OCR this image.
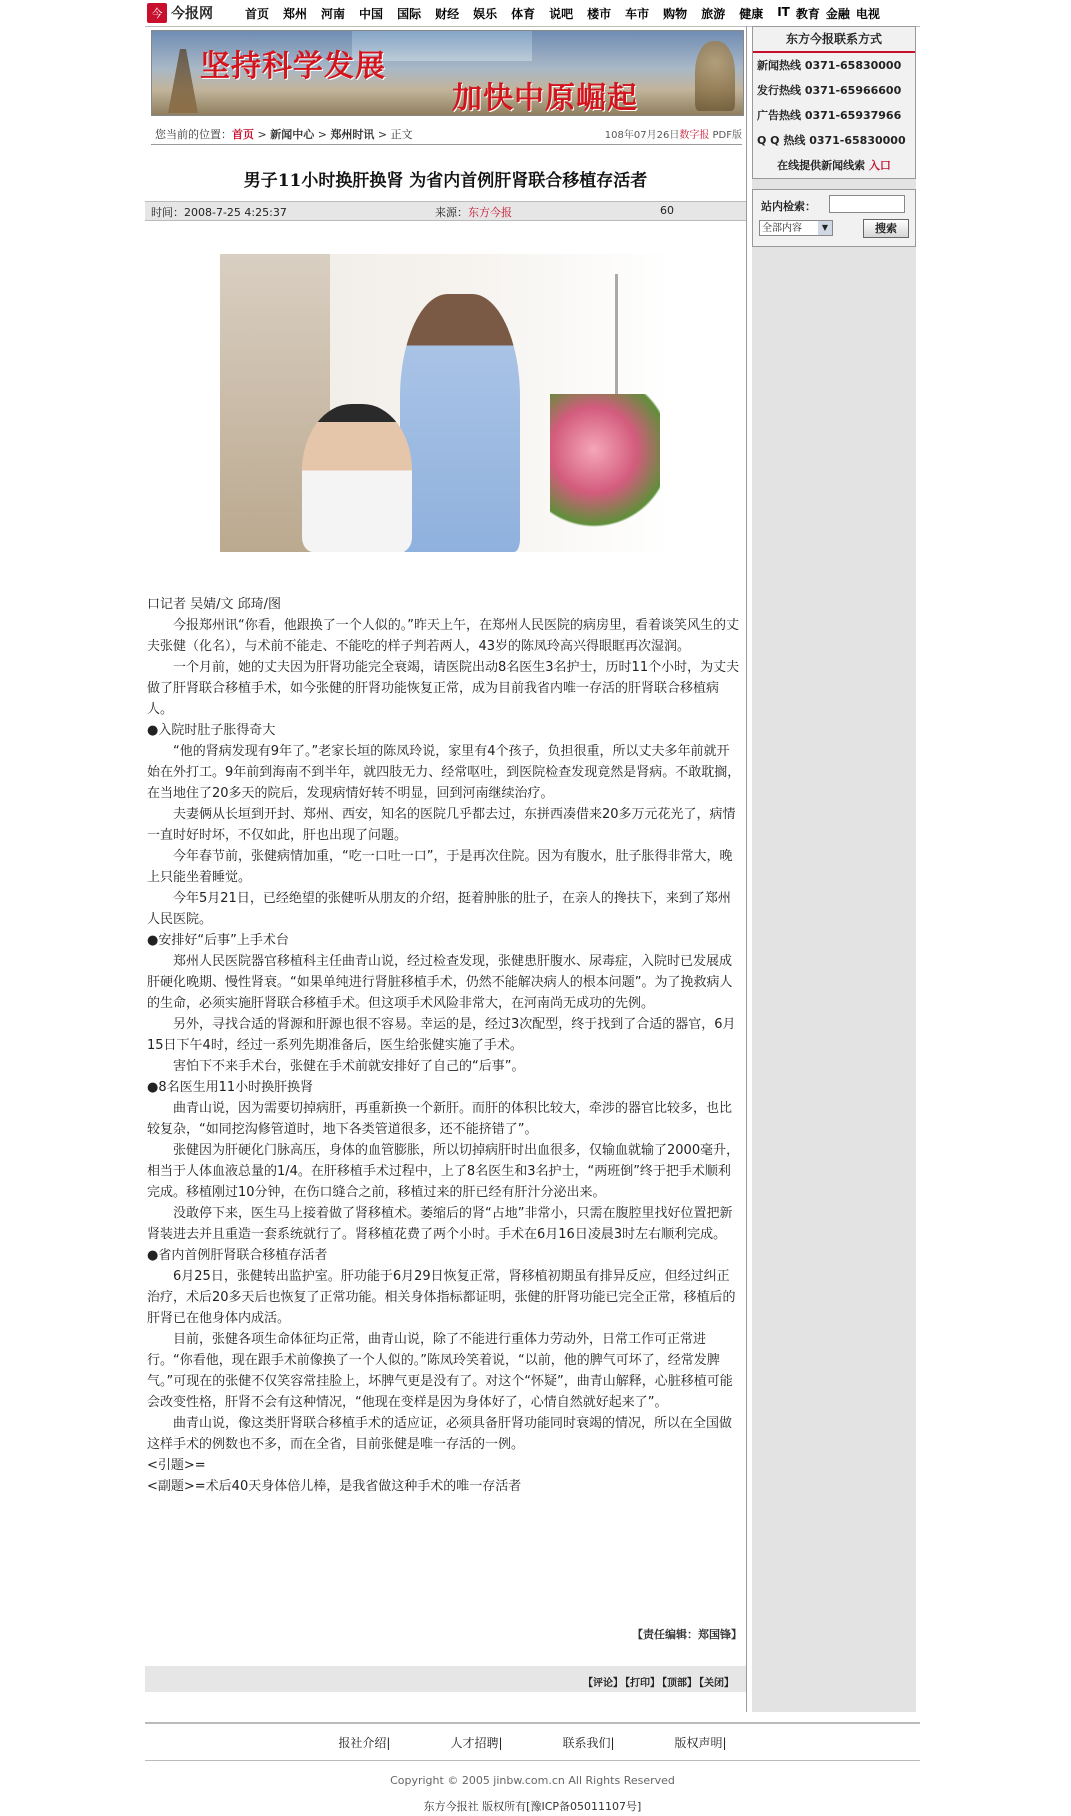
今 今报网	首页 郑州 河南 中国 国际 财经 娱乐 体育 说吧 楼市 车市 购物 旅游 健康 IT 教育 金融 电视
坚持科学发展
加快中原崛起
您当前的位置：首页 > 新闻中心 > 郑州时讯 > 正文	108年07月26日数字报 PDF版
男子11小时换肝换肾 为省内首例肝肾联合移植存活者
时间：2008-7-25 4:25:37	来源：东方今报	60

口记者 吴婧/文 邱琦/图

今报郑州讯“你看，他跟换了一个人似的。”昨天上午，在郑州人民医院的病房里，看着谈笑风生的丈夫张健（化名），与术前不能走、不能吃的样子判若两人，43岁的陈凤玲高兴得眼眶再次湿润。

一个月前，她的丈夫因为肝肾功能完全衰竭，请医院出动8名医生3名护士，历时11个小时，为丈夫做了肝肾联合移植手术，如今张健的肝肾功能恢复正常，成为目前我省内唯一存活的肝肾联合移植病人。

●入院时肚子胀得奇大

“他的肾病发现有9年了。”老家长垣的陈凤玲说，家里有4个孩子，负担很重，所以丈夫多年前就开始在外打工。9年前到海南不到半年，就四肢无力、经常呕吐，到医院检查发现竟然是肾病。不敢耽搁，在当地住了20多天的院后，发现病情好转不明显，回到河南继续治疗。

夫妻俩从长垣到开封、郑州、西安，知名的医院几乎都去过，东拼西凑借来20多万元花光了，病情一直时好时坏，不仅如此，肝也出现了问题。

今年春节前，张健病情加重，“吃一口吐一口”，于是再次住院。因为有腹水，肚子胀得非常大，晚上只能坐着睡觉。

今年5月21日，已经绝望的张健听从朋友的介绍，挺着肿胀的肚子，在亲人的搀扶下，来到了郑州人民医院。

●安排好“后事”上手术台

郑州人民医院器官移植科主任曲青山说，经过检查发现，张健患肝腹水、尿毒症，入院时已发展成肝硬化晚期、慢性肾衰。“如果单纯进行肾脏移植手术，仍然不能解决病人的根本问题”。为了挽救病人的生命，必须实施肝肾联合移植手术。但这项手术风险非常大，在河南尚无成功的先例。

另外，寻找合适的肾源和肝源也很不容易。幸运的是，经过3次配型，终于找到了合适的器官，6月15日下午4时，经过一系列先期准备后，医生给张健实施了手术。

害怕下不来手术台，张健在手术前就安排好了自己的“后事”。

●8名医生用11小时换肝换肾

曲青山说，因为需要切掉病肝，再重新换一个新肝。而肝的体积比较大，牵涉的器官比较多，也比较复杂，“如同挖沟修管道时，地下各类管道很多，还不能挤错了”。

张健因为肝硬化门脉高压，身体的血管膨胀，所以切掉病肝时出血很多，仅输血就输了2000毫升，相当于人体血液总量的1/4。在肝移植手术过程中，上了8名医生和3名护士，“两班倒”终于把手术顺利完成。移植刚过10分钟，在伤口缝合之前，移植过来的肝已经有肝汁分泌出来。

没敢停下来，医生马上接着做了肾移植术。萎缩后的肾“占地”非常小，只需在腹腔里找好位置把新肾装进去并且重造一套系统就行了。肾移植花费了两个小时。手术在6月16日凌晨3时左右顺利完成。

●省内首例肝肾联合移植存活者

6月25日，张健转出监护室。肝功能于6月29日恢复正常，肾移植初期虽有排异反应，但经过纠正治疗，术后20多天后也恢复了正常功能。相关身体指标都证明，张健的肝肾功能已完全正常，移植后的肝肾已在他身体内成活。

目前，张健各项生命体征均正常，曲青山说，除了不能进行重体力劳动外，日常工作可正常进行。“你看他，现在跟手术前像换了一个人似的。”陈凤玲笑着说，“以前，他的脾气可坏了，经常发脾气。”可现在的张健不仅笑容常挂脸上，坏脾气更是没有了。对这个“怀疑”，曲青山解释，心脏移植可能会改变性格，肝肾不会有这种情况，“他现在变样是因为身体好了，心情自然就好起来了”。

曲青山说，像这类肝肾联合移植手术的适应证，必须具备肝肾功能同时衰竭的情况，所以在全国做这样手术的例数也不多，而在全省，目前张健是唯一存活的一例。

<引题>=

<副题>=术后40天身体倍儿棒，是我省做这种手术的唯一存活者

【责任编辑：郑国锋】
【评论】 【打印】 【顶部】 【关闭】
东方今报联系方式
新闻热线 0371-65830000
发行热线 0371-65966600
广告热线 0371-65937966
Q Q 热线 0371-65830000
在线提供新闻线索 入口
站内检索：
全部内容	▼	搜索
报社介绍|	人才招聘|	联系我们|	版权声明|
Copyright © 2005 jinbw.com.cn All Rights Reserved
东方今报社 版权所有[豫ICP备05011107号]
